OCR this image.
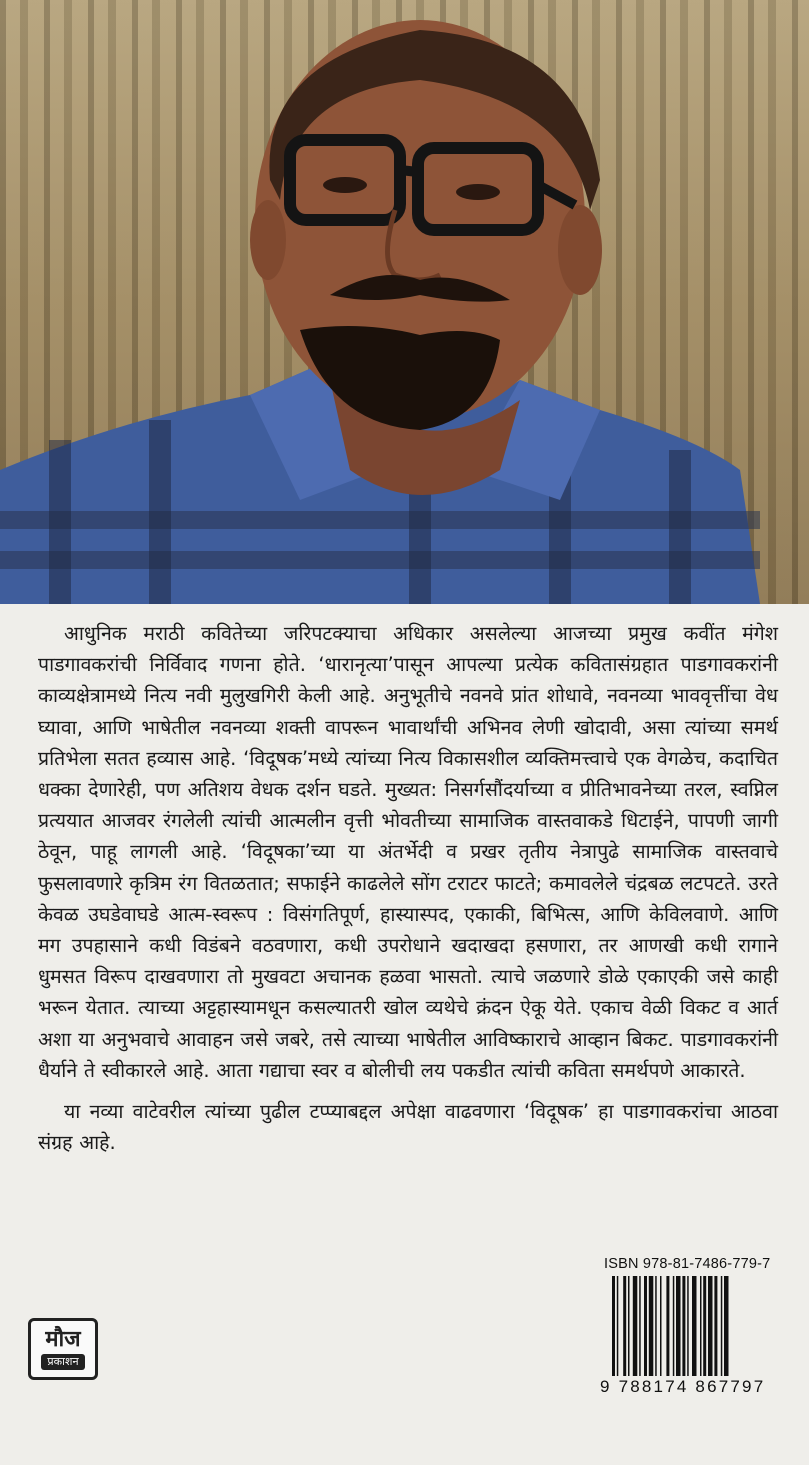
आधुनिक मराठी कवितेच्या जरिपटक्याचा अधिकार असलेल्या आजच्या प्रमुख कवींत मंगेश पाडगावकरांची निर्विवाद गणना होते. ‘धारानृत्या’पासून आपल्या प्रत्येक कवितासंग्रहात पाडगावकरांनी काव्यक्षेत्रामध्ये नित्य नवी मुलुखगिरी केली आहे. अनुभूतीचे नवनवे प्रांत शोधावे, नवनव्या भाववृत्तींचा वेध घ्यावा, आणि भाषेतील नवनव्या शक्ती वापरून भावार्थांची अभिनव लेणी खोदावी, असा त्यांच्या समर्थ प्रतिभेला सतत हव्यास आहे. ‘विदूषक’मध्ये त्यांच्या नित्य विकासशील व्यक्तिमत्त्वाचे एक वेगळेच, कदाचित धक्का देणारेही, पण अतिशय वेधक दर्शन घडते. मुख्यत: निसर्गसौंदर्याच्या व प्रीतिभावनेच्या तरल, स्वप्निल प्रत्ययात आजवर रंगलेली त्यांची आत्मलीन वृत्ती भोवतीच्या सामाजिक वास्तवाकडे धिटाईने, पापणी जागी ठेवून, पाहू लागली आहे. ‘विदूषका’च्या या अंतर्भेदी व प्रखर तृतीय नेत्रापुढे सामाजिक वास्तवाचे फुसलावणारे कृत्रिम रंग वितळतात; सफाईने काढलेले सोंग टराटर फाटते; कमावलेले चंद्रबळ लटपटते. उरते केवळ उघडेवाघडे आत्म-स्वरूप : विसंगतिपूर्ण, हास्यास्पद, एकाकी, बिभित्स, आणि केविलवाणे. आणि मग उपहासाने कधी विडंबने वठवणारा, कधी उपरोधाने खदाखदा हसणारा, तर आणखी कधी रागाने धुमसत विरूप दाखवणारा तो मुखवटा अचानक हळवा भासतो. त्याचे जळणारे डोळे एकाएकी जसे काही भरून येतात. त्याच्या अट्टहास्यामधून कसल्यातरी खोल व्यथेचे क्रंदन ऐकू येते. एकाच वेळी विकट व आर्त अशा या अनुभवाचे आवाहन जसे जबरे, तसे त्याच्या भाषेतील आविष्काराचे आव्हान बिकट. पाडगावकरांनी धैर्याने ते स्वीकारले आहे. आता गद्याचा स्वर व बोलीची लय पकडीत त्यांची कविता समर्थपणे आकारते.

या नव्या वाटेवरील त्यांच्या पुढील टप्प्याबद्दल अपेक्षा वाढवणारा ‘विदूषक’ हा पाडगावकरांचा आठवा संग्रह आहे.

ISBN 978-81-7486-779-7
9 788174 867797
मौज
प्रकाशन
